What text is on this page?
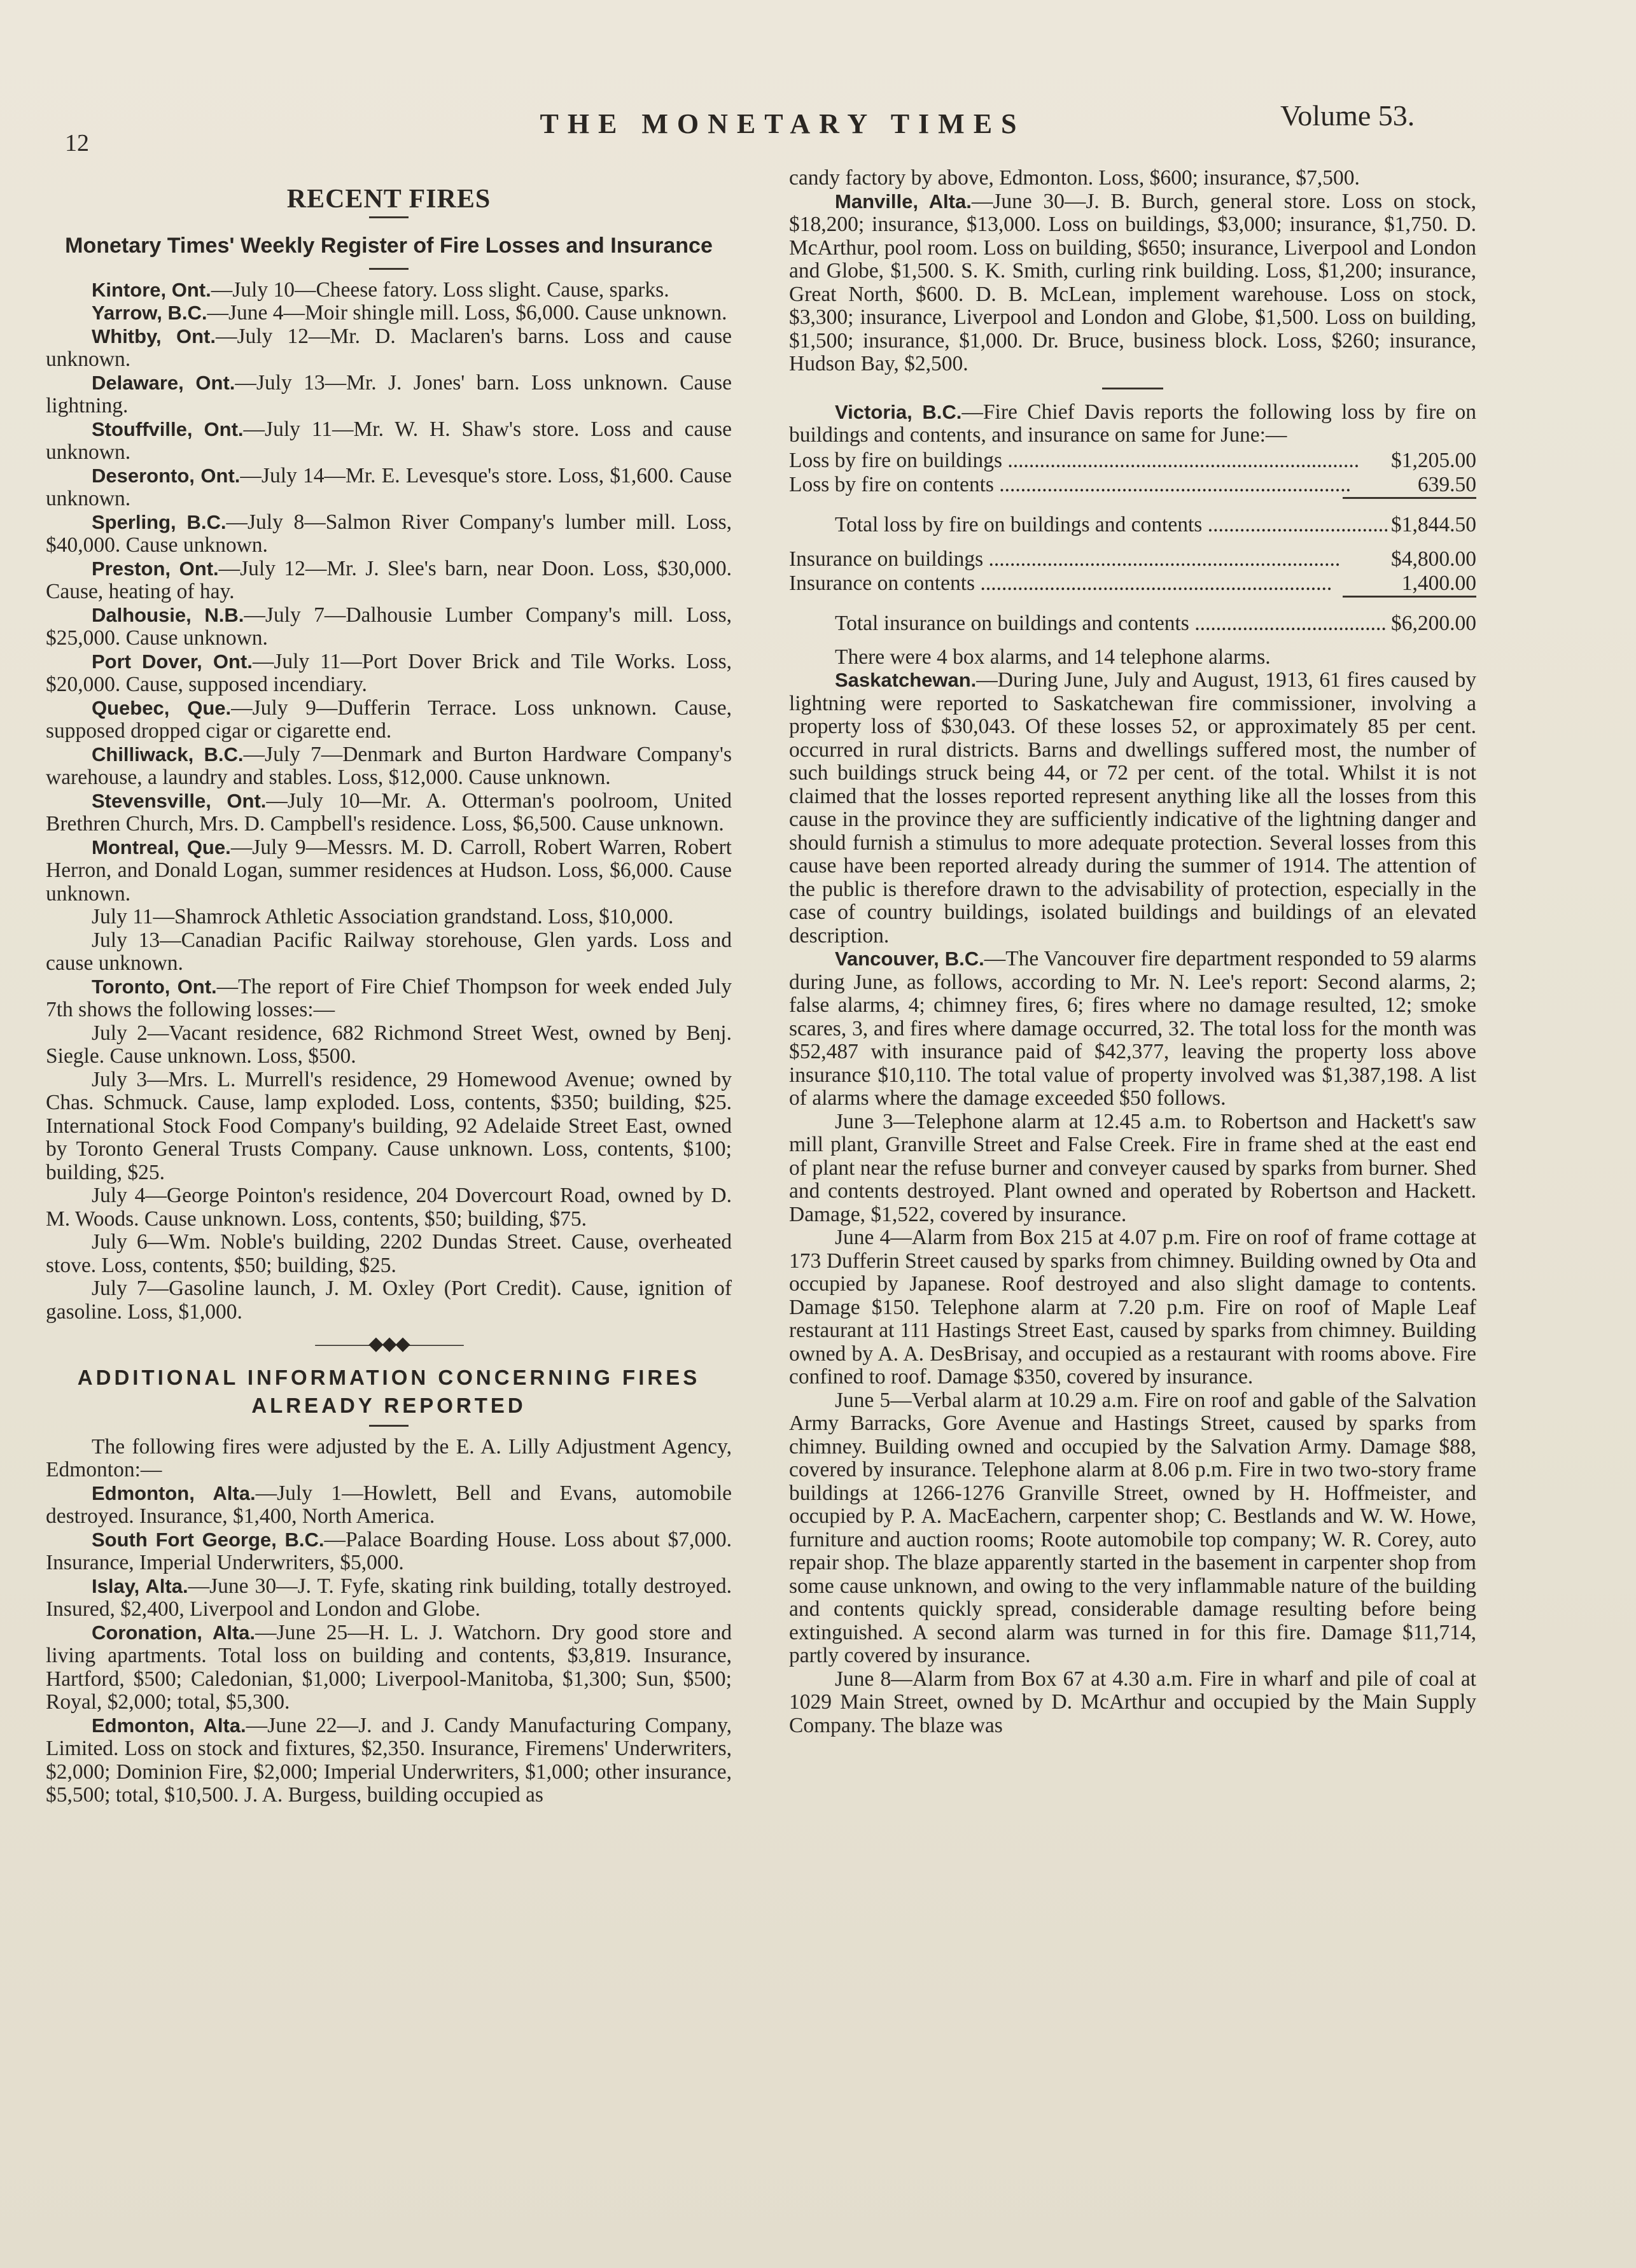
12
THE MONETARY TIMES	Volume 53.
RECENT FIRES
Monetary Times' Weekly Register of Fire Losses and Insurance

Kintore, Ont.—July 10—Cheese fatory. Loss slight. Cause, sparks.

Yarrow, B.C.—June 4—Moir shingle mill. Loss, $6,000. Cause unknown.

Whitby, Ont.—July 12—Mr. D. Maclaren's barns. Loss and cause unknown.

Delaware, Ont.—July 13—Mr. J. Jones' barn. Loss unknown. Cause lightning.

Stouffville, Ont.—July 11—Mr. W. H. Shaw's store. Loss and cause unknown.

Deseronto, Ont.—July 14—Mr. E. Levesque's store. Loss, $1,600. Cause unknown.

Sperling, B.C.—July 8—Salmon River Company's lumber mill. Loss, $40,000. Cause unknown.

Preston, Ont.—July 12—Mr. J. Slee's barn, near Doon. Loss, $30,000. Cause, heating of hay.

Dalhousie, N.B.—July 7—Dalhousie Lumber Company's mill. Loss, $25,000. Cause unknown.

Port Dover, Ont.—July 11—Port Dover Brick and Tile Works. Loss, $20,000. Cause, supposed incendiary.

Quebec, Que.—July 9—Dufferin Terrace. Loss unknown. Cause, supposed dropped cigar or cigarette end.

Chilliwack, B.C.—July 7—Denmark and Burton Hardware Company's warehouse, a laundry and stables. Loss, $12,000. Cause unknown.

Stevensville, Ont.—July 10—Mr. A. Otterman's poolroom, United Brethren Church, Mrs. D. Campbell's residence. Loss, $6,500. Cause unknown.

Montreal, Que.—July 9—Messrs. M. D. Carroll, Robert Warren, Robert Herron, and Donald Logan, summer residences at Hudson. Loss, $6,000. Cause unknown.

July 11—Shamrock Athletic Association grandstand. Loss, $10,000.

July 13—Canadian Pacific Railway storehouse, Glen yards. Loss and cause unknown.

Toronto, Ont.—The report of Fire Chief Thompson for week ended July 7th shows the following losses:—

July 2—Vacant residence, 682 Richmond Street West, owned by Benj. Siegle. Cause unknown. Loss, $500.

July 3—Mrs. L. Murrell's residence, 29 Homewood Avenue; owned by Chas. Schmuck. Cause, lamp exploded. Loss, contents, $350; building, $25. International Stock Food Company's building, 92 Adelaide Street East, owned by Toronto General Trusts Company. Cause unknown. Loss, contents, $100; building, $25.

July 4—George Pointon's residence, 204 Dovercourt Road, owned by D. M. Woods. Cause unknown. Loss, contents, $50; building, $75.

July 6—Wm. Noble's building, 2202 Dundas Street. Cause, overheated stove. Loss, contents, $50; building, $25.

July 7—Gasoline launch, J. M. Oxley (Port Credit). Cause, ignition of gasoline. Loss, $1,000.

———◆◆◆———
ADDITIONAL INFORMATION CONCERNING FIRES ALREADY REPORTED

The following fires were adjusted by the E. A. Lilly Adjustment Agency, Edmonton:—

Edmonton, Alta.—July 1—Howlett, Bell and Evans, automobile destroyed. Insurance, $1,400, North America.

South Fort George, B.C.—Palace Boarding House. Loss about $7,000. Insurance, Imperial Underwriters, $5,000.

Islay, Alta.—June 30—J. T. Fyfe, skating rink building, totally destroyed. Insured, $2,400, Liverpool and London and Globe.

Coronation, Alta.—June 25—H. L. J. Watchorn. Dry good store and living apartments. Total loss on building and contents, $3,819. Insurance, Hartford, $500; Caledonian, $1,000; Liverpool-Manitoba, $1,300; Sun, $500; Royal, $2,000; total, $5,300.

Edmonton, Alta.—June 22—J. and J. Candy Manufacturing Company, Limited. Loss on stock and fixtures, $2,350. Insurance, Firemens' Underwriters, $2,000; Dominion Fire, $2,000; Imperial Underwriters, $1,000; other insurance, $5,500; total, $10,500. J. A. Burgess, building occupied as

candy factory by above, Edmonton. Loss, $600; insurance, $7,500.

Manville, Alta.—June 30—J. B. Burch, general store. Loss on stock, $18,200; insurance, $13,000. Loss on buildings, $3,000; insurance, $1,750. D. McArthur, pool room. Loss on building, $650; insurance, Liverpool and London and Globe, $1,500. S. K. Smith, curling rink building. Loss, $1,200; insurance, Great North, $600. D. B. McLean, implement warehouse. Loss on stock, $3,300; insurance, Liverpool and London and Globe, $1,500. Loss on building, $1,500; insurance, $1,000. Dr. Bruce, business block. Loss, $260; insurance, Hudson Bay, $2,500.

Victoria, B.C.—Fire Chief Davis reports the following loss by fire on buildings and contents, and insurance on same for June:—

Loss by fire on buildings .....	$1,205.00
Loss by fire on contents .....	639.50
Total loss by fire on buildings and contents .....	$1,844.50
Insurance on buildings .....	$4,800.00
Insurance on contents .....	1,400.00
Total insurance on buildings and contents .....	$6,200.00

There were 4 box alarms, and 14 telephone alarms.

Saskatchewan.—During June, July and August, 1913, 61 fires caused by lightning were reported to Saskatchewan fire commissioner, involving a property loss of $30,043. Of these losses 52, or approximately 85 per cent. occurred in rural districts. Barns and dwellings suffered most, the number of such buildings struck being 44, or 72 per cent. of the total. Whilst it is not claimed that the losses reported represent anything like all the losses from this cause in the province they are sufficiently indicative of the lightning danger and should furnish a stimulus to more adequate protection. Several losses from this cause have been reported already during the summer of 1914. The attention of the public is therefore drawn to the advisability of protection, especially in the case of country buildings, isolated buildings and buildings of an elevated description.

Vancouver, B.C.—The Vancouver fire department responded to 59 alarms during June, as follows, according to Mr. N. Lee's report: Second alarms, 2; false alarms, 4; chimney fires, 6; fires where no damage resulted, 12; smoke scares, 3, and fires where damage occurred, 32. The total loss for the month was $52,487 with insurance paid of $42,377, leaving the property loss above insurance $10,110. The total value of property involved was $1,387,198. A list of alarms where the damage exceeded $50 follows.

June 3—Telephone alarm at 12.45 a.m. to Robertson and Hackett's saw mill plant, Granville Street and False Creek. Fire in frame shed at the east end of plant near the refuse burner and conveyer caused by sparks from burner. Shed and contents destroyed. Plant owned and operated by Robertson and Hackett. Damage, $1,522, covered by insurance.

June 4—Alarm from Box 215 at 4.07 p.m. Fire on roof of frame cottage at 173 Dufferin Street caused by sparks from chimney. Building owned by Ota and occupied by Japanese. Roof destroyed and also slight damage to contents. Damage $150. Telephone alarm at 7.20 p.m. Fire on roof of Maple Leaf restaurant at 111 Hastings Street East, caused by sparks from chimney. Building owned by A. A. DesBrisay, and occupied as a restaurant with rooms above. Fire confined to roof. Damage $350, covered by insurance.

June 5—Verbal alarm at 10.29 a.m. Fire on roof and gable of the Salvation Army Barracks, Gore Avenue and Hastings Street, caused by sparks from chimney. Building owned and occupied by the Salvation Army. Damage $88, covered by insurance. Telephone alarm at 8.06 p.m. Fire in two two-story frame buildings at 1266-1276 Granville Street, owned by H. Hoffmeister, and occupied by P. A. MacEachern, carpenter shop; C. Bestlands and W. W. Howe, furniture and auction rooms; Roote automobile top company; W. R. Corey, auto repair shop. The blaze apparently started in the basement in carpenter shop from some cause unknown, and owing to the very inflammable nature of the building and contents quickly spread, considerable damage resulting before being extinguished. A second alarm was turned in for this fire. Damage $11,714, partly covered by insurance.

June 8—Alarm from Box 67 at 4.30 a.m. Fire in wharf and pile of coal at 1029 Main Street, owned by D. McArthur and occupied by the Main Supply Company. The blaze was
